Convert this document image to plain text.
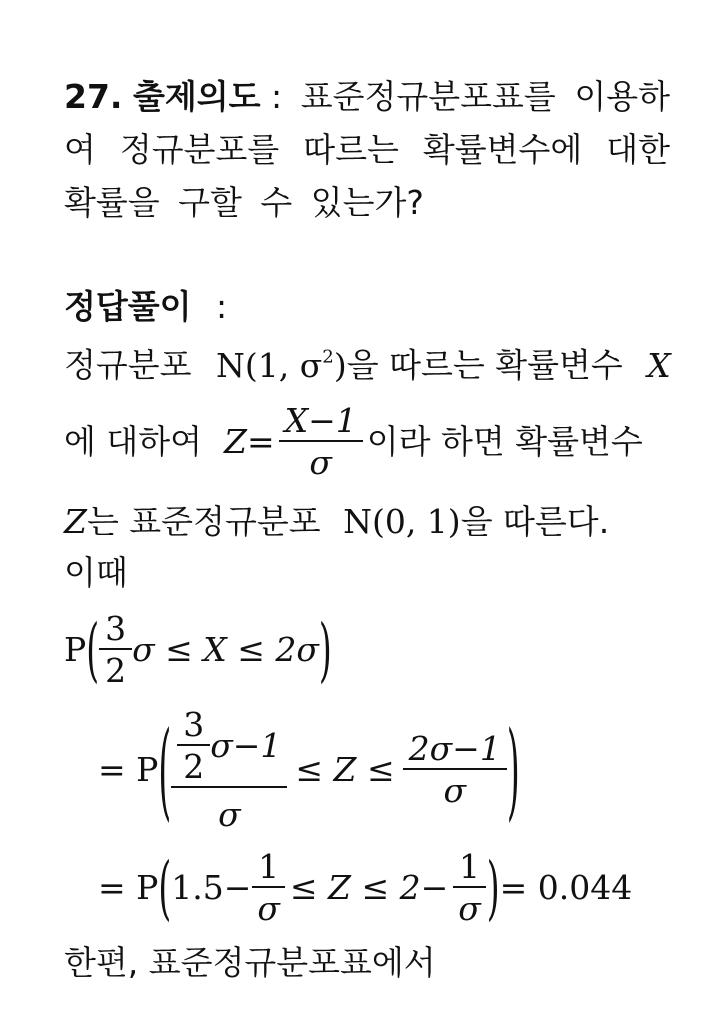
27. 출제의도 : 표준정규분포표를 이용하
여 정규분포를 따르는 확률변수에 대한
확률을 구할 수 있는가?
정답풀이 :
정규분포 N(1, $\sigma^2$)을 따르는 확률변수 X
에 대하여 $Z = \frac{X-1}{\sigma}$ 이라 하면 확률변수
Z는 표준정규분포 N(0, 1)을 따른다.
이때
P ( $\frac{3}{2}$ σ ≤ X ≤ 2σ )
= P ( $\frac{\frac{3}{2} \sigma-1}{\sigma} \le Z \le \frac{2\sigma-1}{\sigma}$ )
= P ( $1.5- \frac{1}{\sigma} \le Z \le 2- \frac{1}{\sigma}$ ) = 0.044
한편, 표준정규분포표에서
